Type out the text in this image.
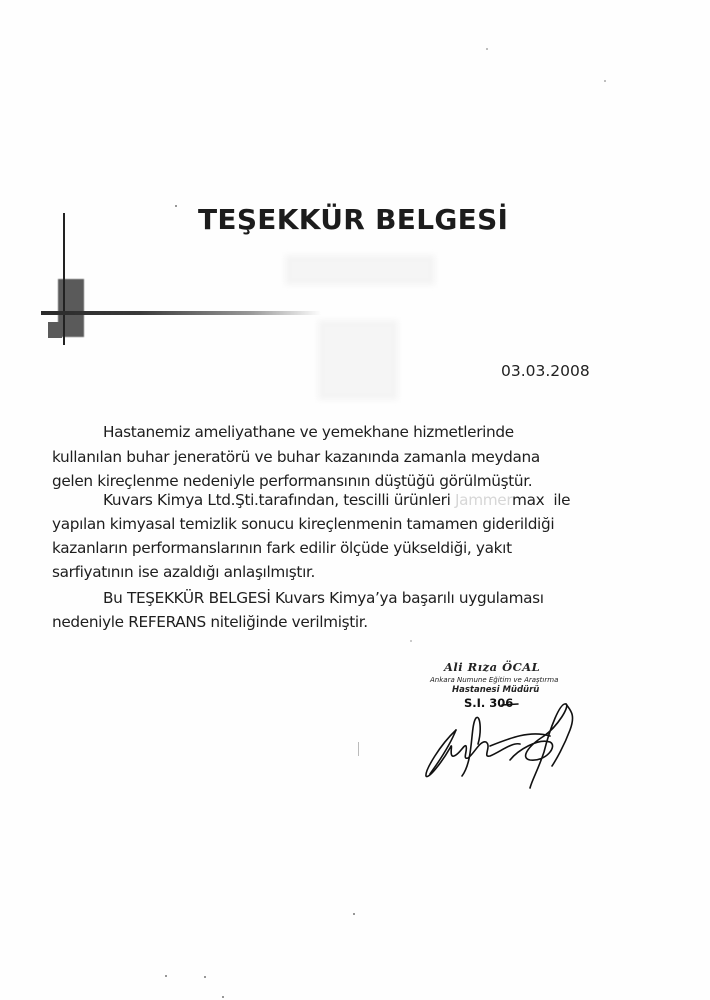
TEŞEKKÜR BELGESİ
03.03.2008
Hastanemiz ameliyathane ve yemekhane hizmetlerinde
kullanılan buhar jeneratörü ve buhar kazanında zamanla meydana
gelen kireçlenme nedeniyle performansının düştüğü görülmüştür.
Kuvars Kimya Ltd.Şti.tarafından, tescilli ürünleri Jammermax  ile
yapılan kimyasal temizlik sonucu kireçlenmenin tamamen giderildiği
kazanların performanslarının fark edilir ölçüde yükseldiği, yakıt
sarfiyatının ise azaldığı anlaşılmıştır.
Bu TEŞEKKÜR BELGESİ Kuvars Kimya’ya başarılı uygulaması
nedeniyle REFERANS niteliğinde verilmiştir.
Ali Rıza ÖCAL
Ankara Numune Eğitim ve Araştırma
Hastanesi Müdürü
S.I. 306
